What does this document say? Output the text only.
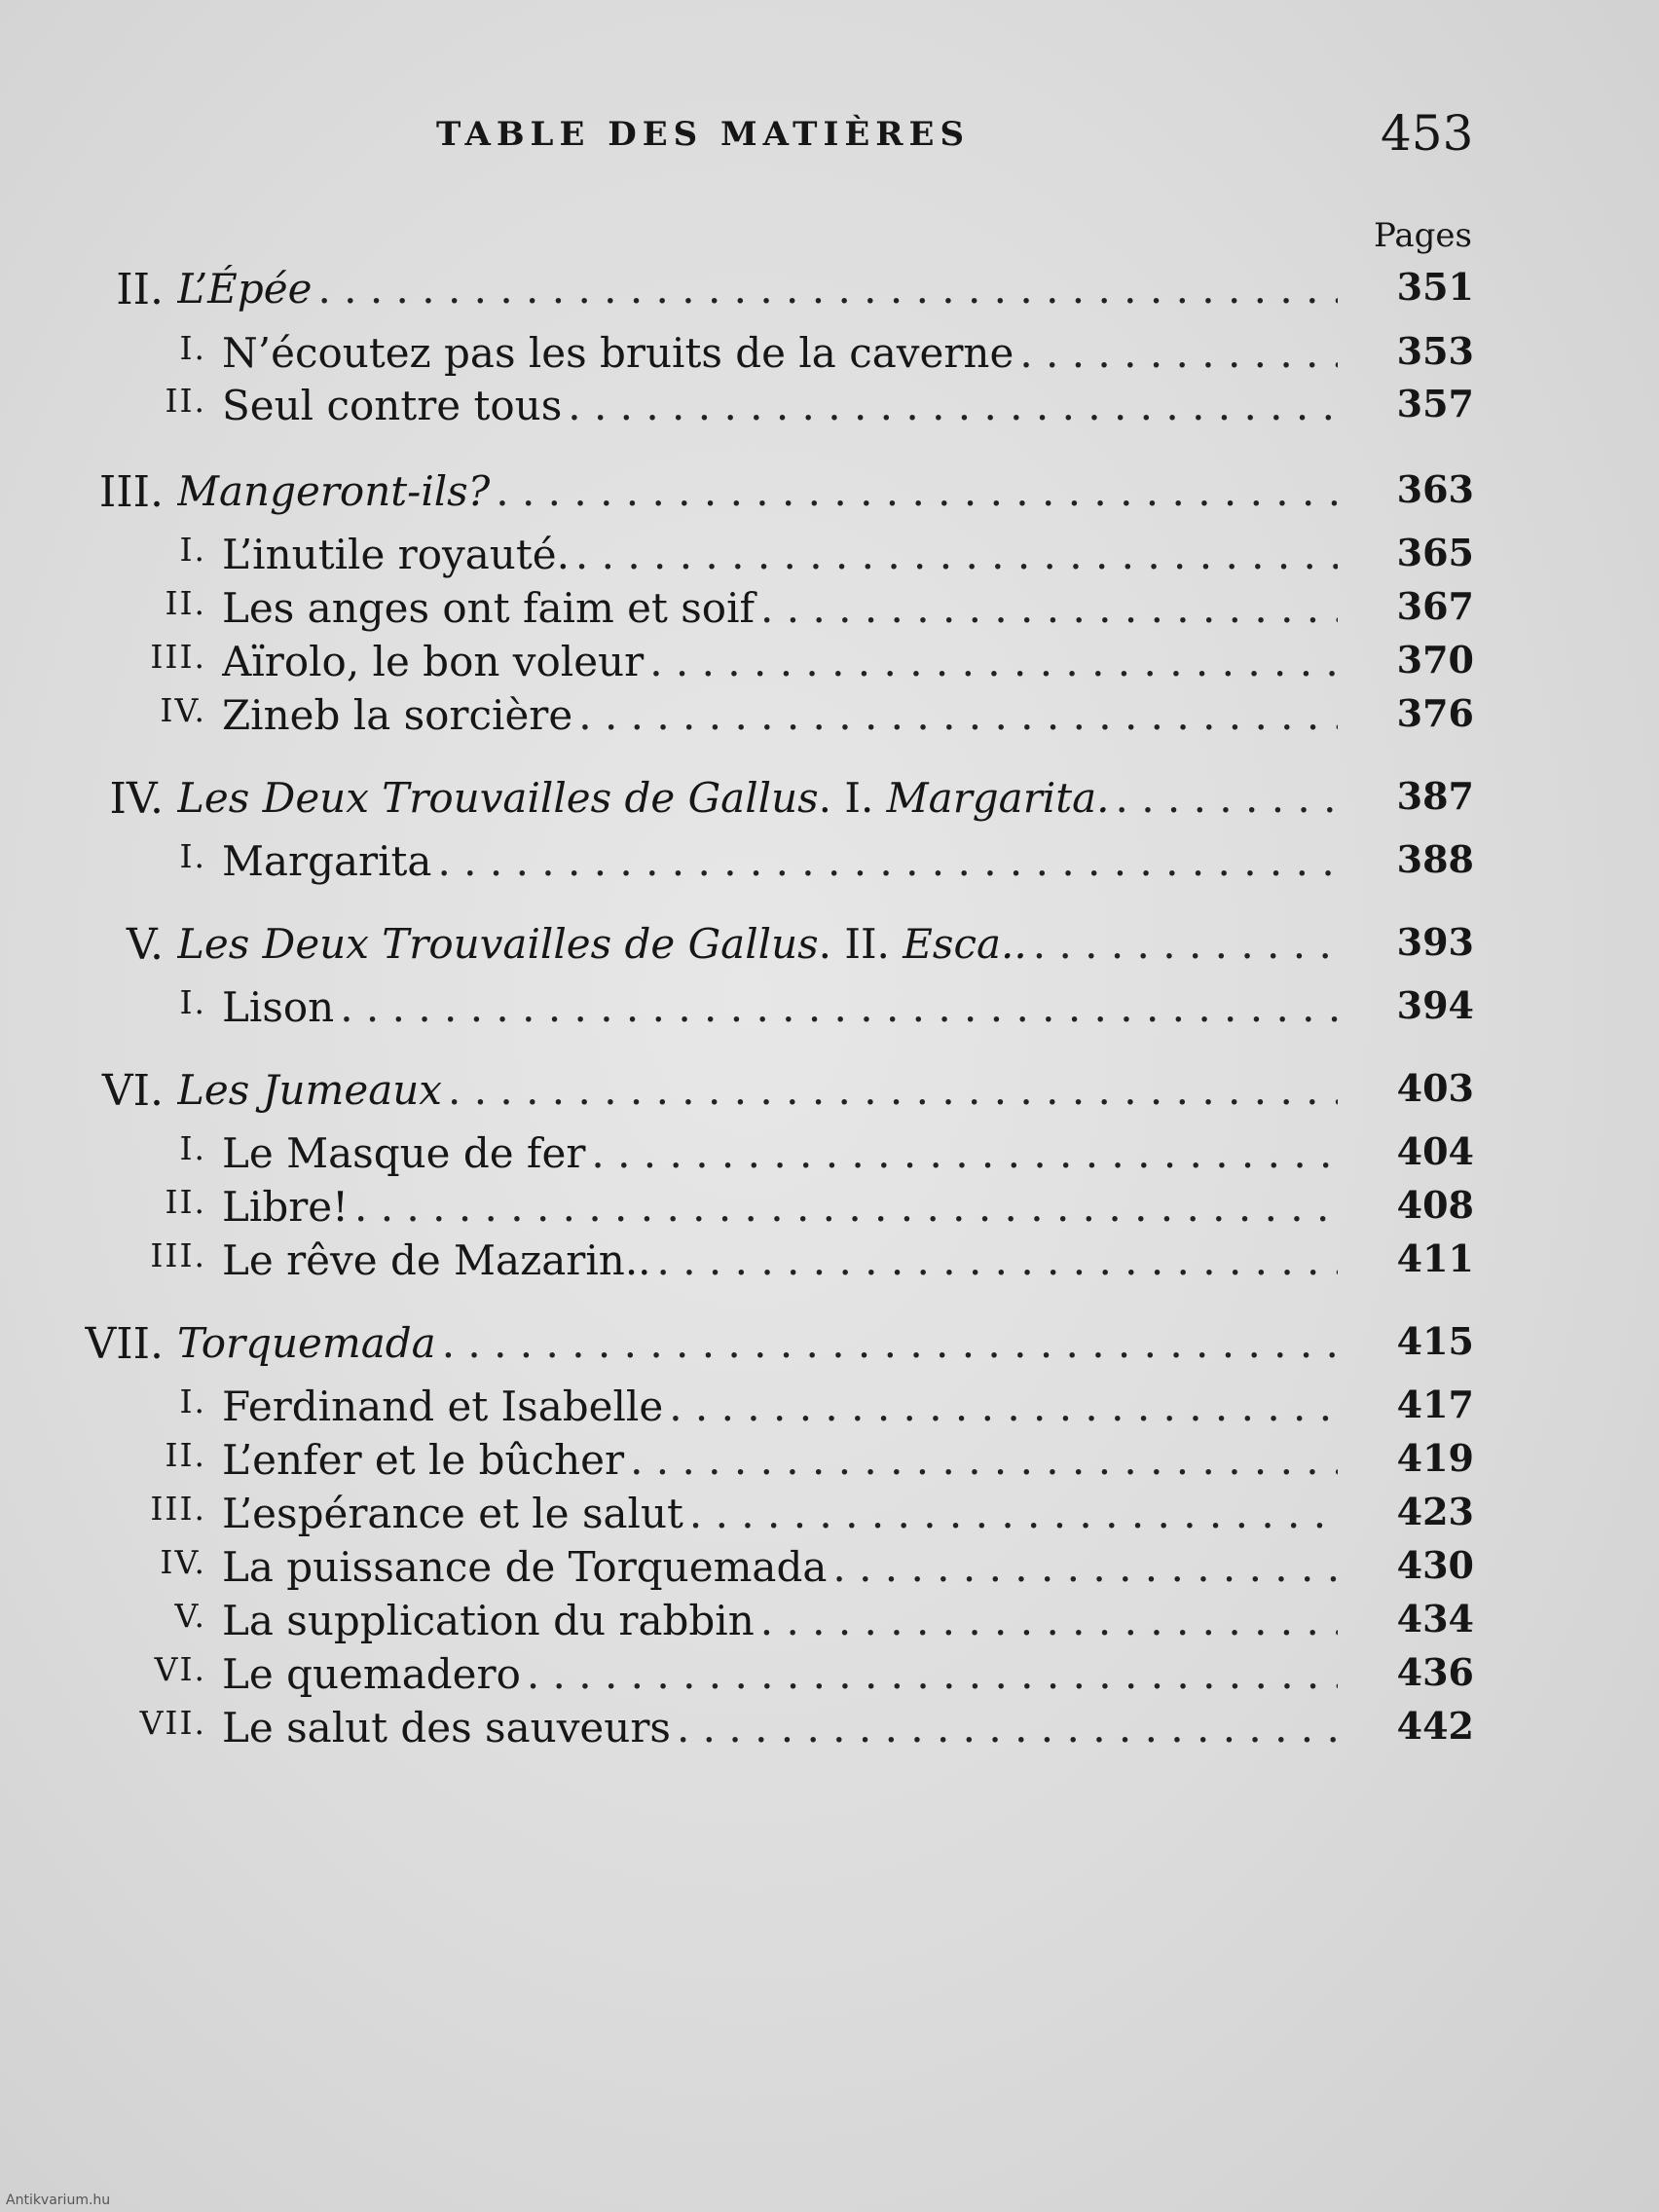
TABLE DES MATIÈRES	453
Pages
II. L’Épée . . .	351
I. N’écoutez pas les bruits de la caverne . . .	353
II. Seul contre tous . . .	357
III. Mangeront-ils? . . .	363
I. L’inutile royauté. . . .	365
II. Les anges ont faim et soif . . .	367
III. Aïrolo, le bon voleur . . .	370
IV. Zineb la sorcière . . .	376
IV. Les Deux Trouvailles de Gallus . I. Margarita. . . .	387
I. Margarita . . .	388
V. Les Deux Trouvailles de Gallus . II. Esca.. . . .	393
I. Lison . . .	394
VI. Les Jumeaux . . .	403
I. Le Masque de fer . . .	404
II. Libre! . . .	408
III. Le rêve de Mazarin.. . . .	411
VII. Torquemada . . .	415
I. Ferdinand et Isabelle . . .	417
II. L’enfer et le bûcher . . .	419
III. L’espérance et le salut . . .	423
IV. La puissance de Torquemada . . .	430
V. La supplication du rabbin . . .	434
VI. Le quemadero . . .	436
VII. Le salut des sauveurs . . .	442
Antikvarium.hu
